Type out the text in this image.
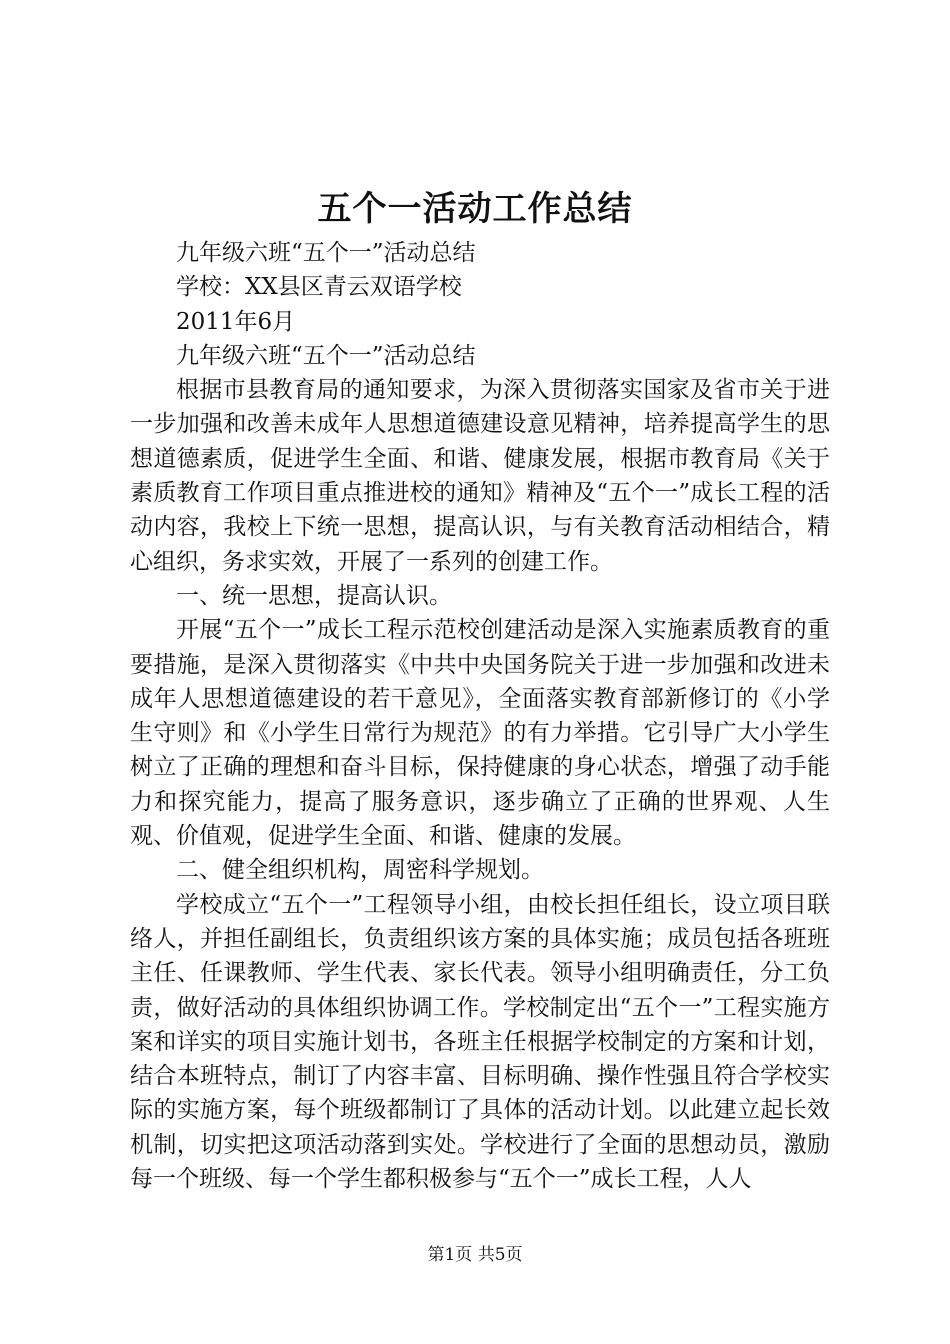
五个一活动工作总结

九年级六班“五个一”活动总结

学校：XX县区青云双语学校

2011年6月

九年级六班“五个一”活动总结

根据市县教育局的通知要求，为深入贯彻落实国家及省市关于进一步加强和改善未成年人思想道德建设意见精神，培养提高学生的思想道德素质，促进学生全面、和谐、健康发展，根据市教育局《关于素质教育工作项目重点推进校的通知》精神及“五个一”成长工程的活动内容，我校上下统一思想，提高认识，与有关教育活动相结合，精心组织，务求实效，开展了一系列的创建工作。

一、统一思想，提高认识。

开展“五个一”成长工程示范校创建活动是深入实施素质教育的重要措施，是深入贯彻落实《中共中央国务院关于进一步加强和改进未成年人思想道德建设的若干意见》，全面落实教育部新修订的《小学生守则》和《小学生日常行为规范》的有力举措。它引导广大小学生树立了正确的理想和奋斗目标，保持健康的身心状态，增强了动手能力和探究能力，提高了服务意识，逐步确立了正确的世界观、人生观、价值观，促进学生全面、和谐、健康的发展。

二、健全组织机构，周密科学规划。

学校成立“五个一”工程领导小组，由校长担任组长，设立项目联络人，并担任副组长，负责组织该方案的具体实施；成员包括各班班主任、任课教师、学生代表、家长代表。领导小组明确责任，分工负责，做好活动的具体组织协调工作。学校制定出“五个一”工程实施方案和详实的项目实施计划书，各班主任根据学校制定的方案和计划，结合本班特点，制订了内容丰富、目标明确、操作性强且符合学校实际的实施方案，每个班级都制订了具体的活动计划。以此建立起长效机制，切实把这项活动落到实处。学校进行了全面的思想动员，激励每一个班级、每一个学生都积极参与“五个一”成长工程，人人

第1页 共5页
